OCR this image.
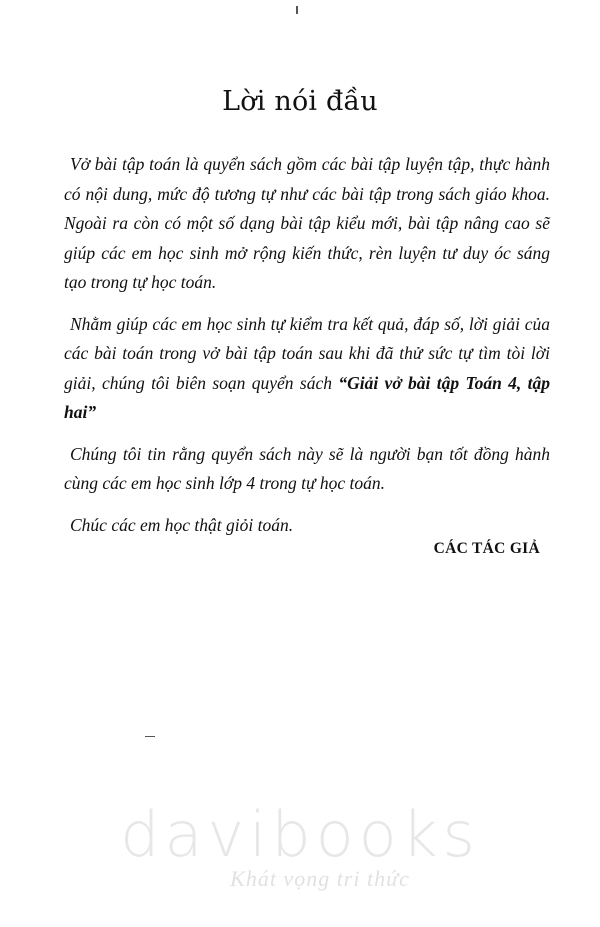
Lời nói đầu

Vở bài tập toán là quyển sách gồm các bài tập luyện tập, thực hành có nội dung, mức độ tương tự như các bài tập trong sách giáo khoa. Ngoài ra còn có một số dạng bài tập kiểu mới, bài tập nâng cao sẽ giúp các em học sinh mở rộng kiến thức, rèn luyện tư duy óc sáng tạo trong tự học toán.

Nhằm giúp các em học sinh tự kiểm tra kết quả, đáp số, lời giải của các bài toán trong vở bài tập toán sau khi đã thử sức tự tìm tòi lời giải, chúng tôi biên soạn quyển sách “Giải vở bài tập Toán 4, tập hai”

Chúng tôi tin rằng quyển sách này sẽ là người bạn tốt đồng hành cùng các em học sinh lớp 4 trong tự học toán.

Chúc các em học thật giỏi toán.

CÁC TÁC GIẢ
davibooks
Khát vọng tri thức
